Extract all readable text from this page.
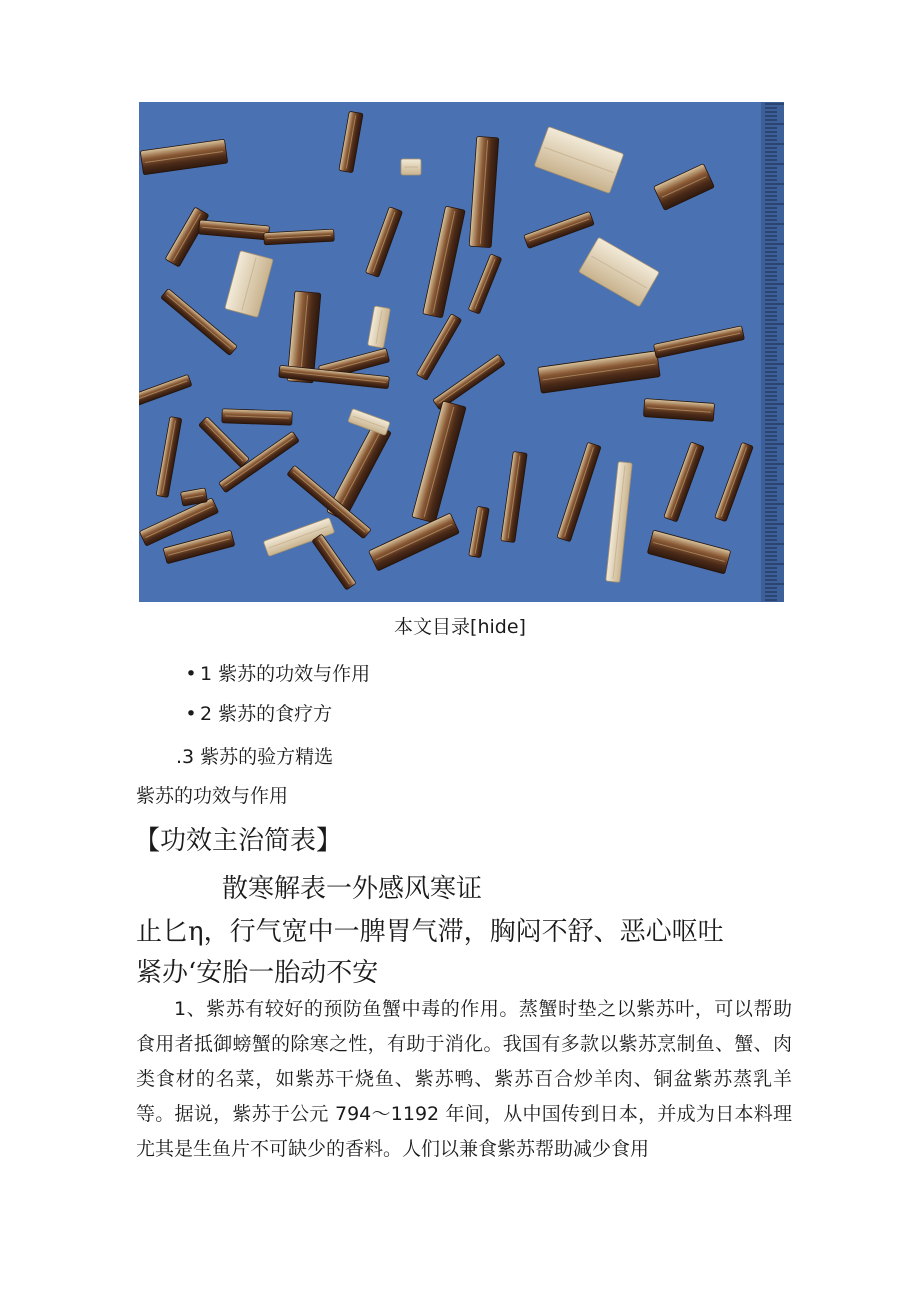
本文目录[hide]
• 1 紫苏的功效与作用
• 2 紫苏的食疗方
.3 紫苏的验方精选
紫苏的功效与作用
【功效主治简表】
散寒解表一外感风寒证
止匕η，行气宽中一脾胃气滞，胸闷不舒、恶心呕吐
紧办‘安胎一胎动不安
1、紫苏有较好的预防鱼蟹中毒的作用。蒸蟹时垫之以紫苏叶，可以帮助食用者抵御螃蟹的除寒之性，有助于消化。我国有多款以紫苏烹制鱼、蟹、肉类食材的名菜，如紫苏干烧鱼、紫苏鸭、紫苏百合炒羊肉、铜盆紫苏蒸乳羊等。据说，紫苏于公元 794～1192 年间，从中国传到日本，并成为日本料理尤其是生鱼片不可缺少的香料。人们以兼食紫苏帮助减少食用
